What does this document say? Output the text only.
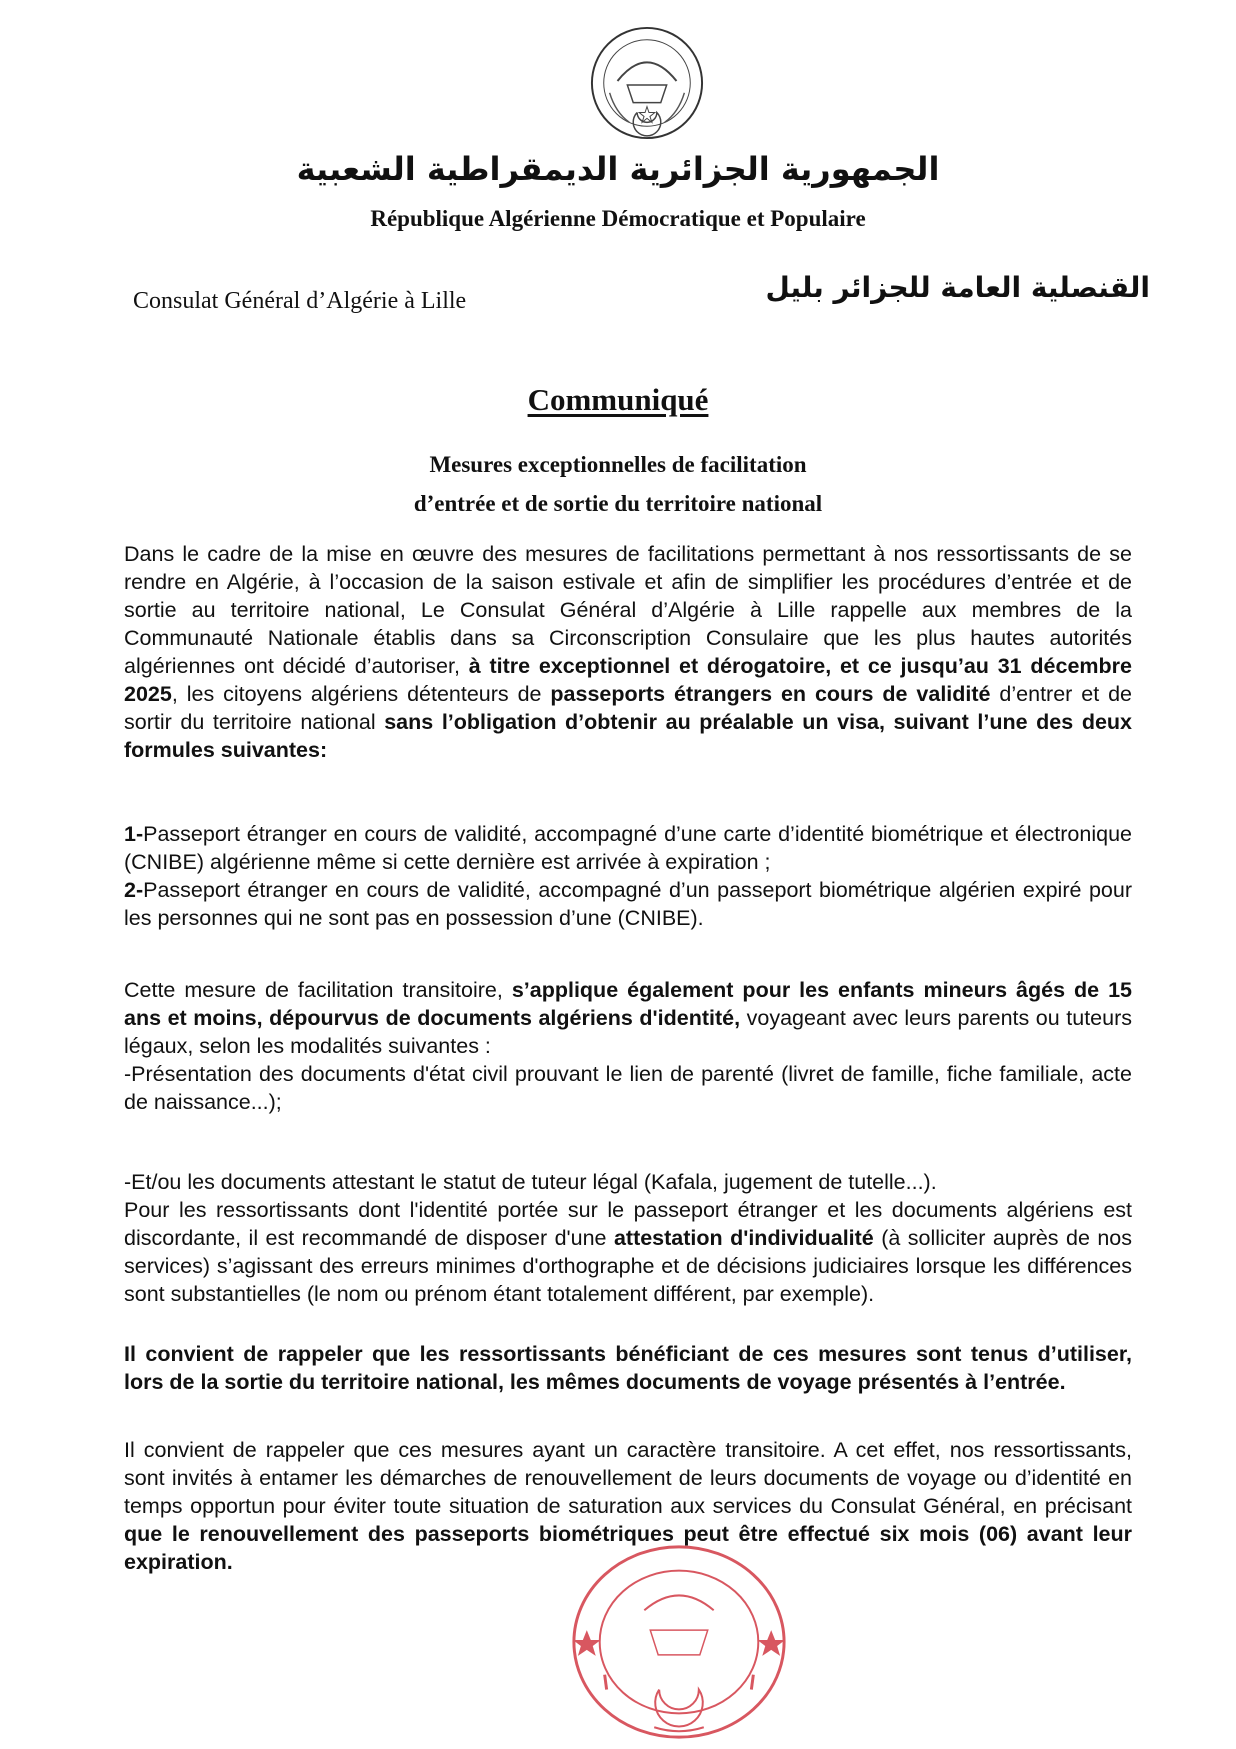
الجمهورية الجزائرية الديمقراطية الشعبية
République Algérienne Démocratique et Populaire
Consulat Général d’Algérie à Lille	القنصلية العامة للجزائر بليل
Communiqué
Mesures exceptionnelles de facilitation
d’entrée et de sortie du territoire national

Dans le cadre de la mise en œuvre des mesures de facilitations permettant à nos ressortissants de se rendre en Algérie, à l’occasion de la saison estivale et afin de simplifier les procédures d’entrée et de sortie au territoire national, Le Consulat Général d’Algérie à Lille rappelle aux membres de la Communauté Nationale établis dans sa Circonscription Consulaire que les plus hautes autorités algériennes ont décidé d’autoriser, à titre exceptionnel et dérogatoire, et ce jusqu’au 31 décembre 2025, les citoyens algériens détenteurs de passeports étrangers en cours de validité d’entrer et de sortir du territoire national sans l’obligation d’obtenir au préalable un visa, suivant l’une des deux formules suivantes:

1-Passeport étranger en cours de validité, accompagné d’une carte d’identité biométrique et électronique (CNIBE) algérienne même si cette dernière est arrivée à expiration ;

2-Passeport étranger en cours de validité, accompagné d’un passeport biométrique algérien expiré pour les personnes qui ne sont pas en possession d’une (CNIBE).

Cette mesure de facilitation transitoire, s’applique également pour les enfants mineurs âgés de 15 ans et moins, dépourvus de documents algériens d'identité, voyageant avec leurs parents ou tuteurs légaux, selon les modalités suivantes :

-Présentation des documents d'état civil prouvant le lien de parenté (livret de famille, fiche familiale, acte de naissance...);

-Et/ou les documents attestant le statut de tuteur légal (Kafala, jugement de tutelle...).

Pour les ressortissants dont l'identité portée sur le passeport étranger et les documents algériens est discordante, il est recommandé de disposer d'une attestation d'individualité (à solliciter auprès de nos services) s’agissant des erreurs minimes d'orthographe et de décisions judiciaires lorsque les différences sont substantielles (le nom ou prénom étant totalement différent, par exemple).

Il convient de rappeler que les ressortissants bénéficiant de ces mesures sont tenus d’utiliser, lors de la sortie du territoire national, les mêmes documents de voyage présentés à l’entrée.

Il convient de rappeler que ces mesures ayant un caractère transitoire. A cet effet, nos ressortissants, sont invités à entamer les démarches de renouvellement de leurs documents de voyage ou d’identité en temps opportun pour éviter toute situation de saturation aux services du Consulat Général, en précisant que le renouvellement des passeports biométriques peut être effectué six mois (06) avant leur expiration.
